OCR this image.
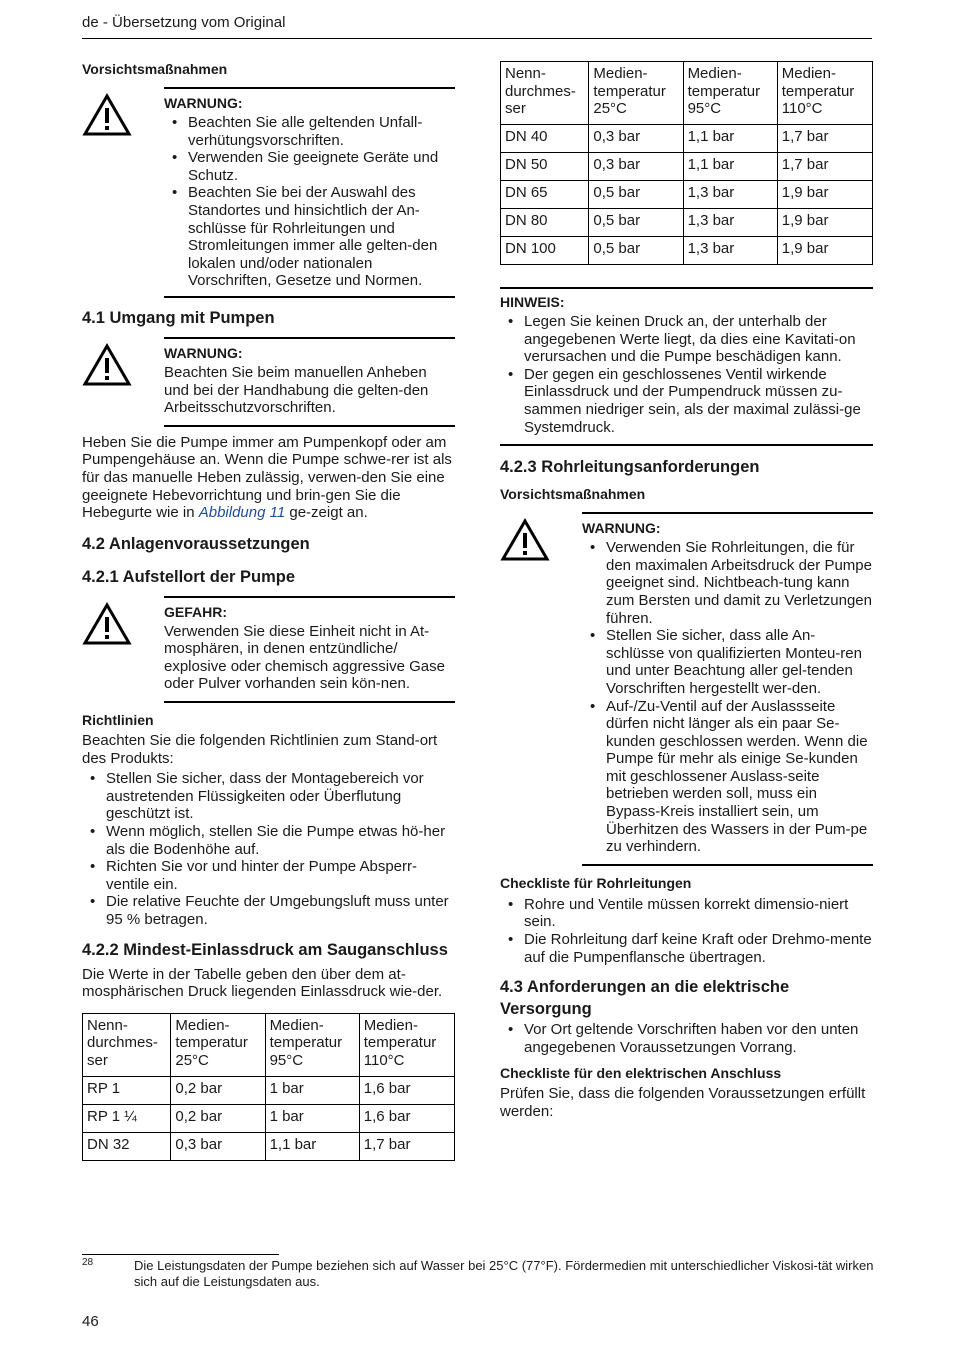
de - Übersetzung vom Original

Vorsichtsmaßnahmen

WARNUNG:

• Beachten Sie alle geltenden Unfall-verhütungsvorschriften.
• Verwenden Sie geeignete Geräte und Schutz.
• Beachten Sie bei der Auswahl des Standortes und hinsichtlich der An-schlüsse für Rohrleitungen und Stromleitungen immer alle gelten-den lokalen und/oder nationalen Vorschriften, Gesetze und Normen.

4.1 Umgang mit Pumpen

WARNUNG:

Beachten Sie beim manuellen Anheben und bei der Handhabung die gelten-den Arbeitsschutzvorschriften.

Heben Sie die Pumpe immer am Pumpenkopf oder am Pumpengehäuse an. Wenn die Pumpe schwe-rer ist als für das manuelle Heben zulässig, verwen-den Sie eine geeignete Hebevorrichtung und brin-gen Sie die Hebegurte wie in Abbildung 11 ge-zeigt an.

4.2 Anlagenvoraussetzungen

4.2.1 Aufstellort der Pumpe

GEFAHR:

Verwenden Sie diese Einheit nicht in At-mosphären, in denen entzündliche/ explosive oder chemisch aggressive Gase oder Pulver vorhanden sein kön-nen.

Richtlinien

Beachten Sie die folgenden Richtlinien zum Stand-ort des Produkts:

• Stellen Sie sicher, dass der Montagebereich vor austretenden Flüssigkeiten oder Überflutung geschützt ist.
• Wenn möglich, stellen Sie die Pumpe etwas hö-her als die Bodenhöhe auf.
• Richten Sie vor und hinter der Pumpe Absperr-ventile ein.
• Die relative Feuchte der Umgebungsluft muss unter 95 % betragen.

4.2.2 Mindest-Einlassdruck am Sauganschluss

Die Werte in der Tabelle geben den über dem at-mosphärischen Druck liegenden Einlassdruck wie-der.

Nenn-durchmes-ser	Medien-temperatur 25°C	Medien-temperatur 95°C	Medien-temperatur 110°C
RP 1	0,2 bar	1 bar	1,6 bar
RP 1 ¼	0,2 bar	1 bar	1,6 bar
DN 32	0,3 bar	1,1 bar	1,7 bar
Nenn-durchmes-ser	Medien-temperatur 25°C	Medien-temperatur 95°C	Medien-temperatur 110°C
DN 40	0,3 bar	1,1 bar	1,7 bar
DN 50	0,3 bar	1,1 bar	1,7 bar
DN 65	0,5 bar	1,3 bar	1,9 bar
DN 80	0,5 bar	1,3 bar	1,9 bar
DN 100	0,5 bar	1,3 bar	1,9 bar

HINWEIS:

• Legen Sie keinen Druck an, der unterhalb der angegebenen Werte liegt, da dies eine Kavitati-on verursachen und die Pumpe beschädigen kann.
• Der gegen ein geschlossenes Ventil wirkende Einlassdruck und der Pumpendruck müssen zu-sammen niedriger sein, als der maximal zulässi-ge Systemdruck.

4.2.3 Rohrleitungsanforderungen

Vorsichtsmaßnahmen

WARNUNG:

• Verwenden Sie Rohrleitungen, die für den maximalen Arbeitsdruck der Pumpe geeignet sind. Nichtbeach-tung kann zum Bersten und damit zu Verletzungen führen.
• Stellen Sie sicher, dass alle An-schlüsse von qualifizierten Monteu-ren und unter Beachtung aller gel-tenden Vorschriften hergestellt wer-den.
• Auf-/Zu-Ventil auf der Auslassseite dürfen nicht länger als ein paar Se-kunden geschlossen werden. Wenn die Pumpe für mehr als einige Se-kunden mit geschlossener Auslass-seite betrieben werden soll, muss ein Bypass-Kreis installiert sein, um Überhitzen des Wassers in der Pum-pe zu verhindern.

Checkliste für Rohrleitungen

• Rohre und Ventile müssen korrekt dimensio-niert sein.
• Die Rohrleitung darf keine Kraft oder Drehmo-mente auf die Pumpenflansche übertragen.

4.3 Anforderungen an die elektrische Versorgung

• Vor Ort geltende Vorschriften haben vor den unten angegebenen Voraussetzungen Vorrang.

Checkliste für den elektrischen Anschluss

Prüfen Sie, dass die folgenden Voraussetzungen erfüllt werden:

28	Die Leistungsdaten der Pumpe beziehen sich auf Wasser bei 25°C (77°F). Fördermedien mit unterschiedlicher Viskosi-tät wirken sich auf die Leistungsdaten aus.
46
